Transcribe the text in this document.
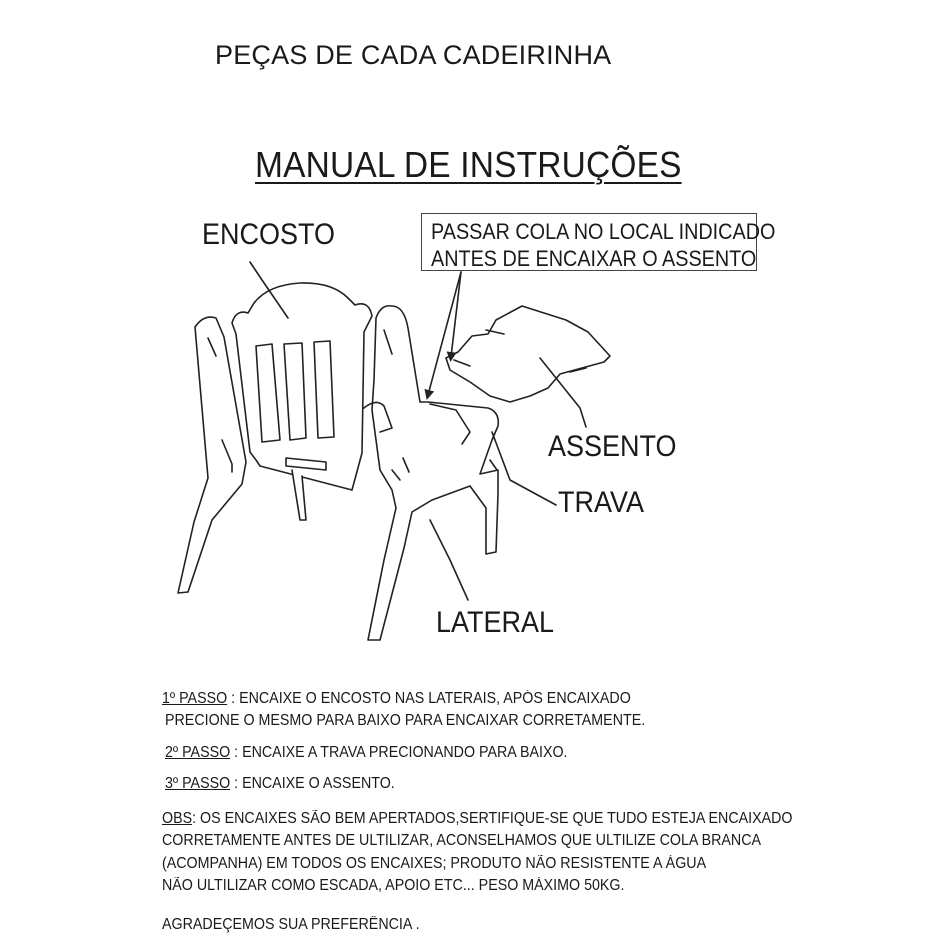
PEÇAS DE CADA CADEIRINHA
MANUAL DE INSTRUÇÕES
PASSAR COLA NO LOCAL INDICADO
ANTES DE ENCAIXAR O ASSENTO
ENCOSTO
ASSENTO
TRAVA
LATERAL
1º PASSO : ENCAIXE O ENCOSTO NAS LATERAIS, APÓS ENCAIXADO
PRECIONE O MESMO PARA BAIXO PARA ENCAIXAR CORRETAMENTE.
2º PASSO : ENCAIXE A TRAVA PRECIONANDO PARA BAIXO.
3º PASSO : ENCAIXE O ASSENTO.
OBS: OS ENCAIXES SÃO BEM APERTADOS,SERTIFIQUE-SE QUE TUDO ESTEJA ENCAIXADO
CORRETAMENTE ANTES DE ULTILIZAR, ACONSELHAMOS QUE ULTILIZE COLA BRANCA
(ACOMPANHA) EM TODOS OS ENCAIXES; PRODUTO NÃO RESISTENTE A ÁGUA
NÃO ULTILIZAR COMO ESCADA, APOIO ETC... PESO MÁXIMO 50KG.
AGRADEÇEMOS SUA PREFERÊNCIA .
